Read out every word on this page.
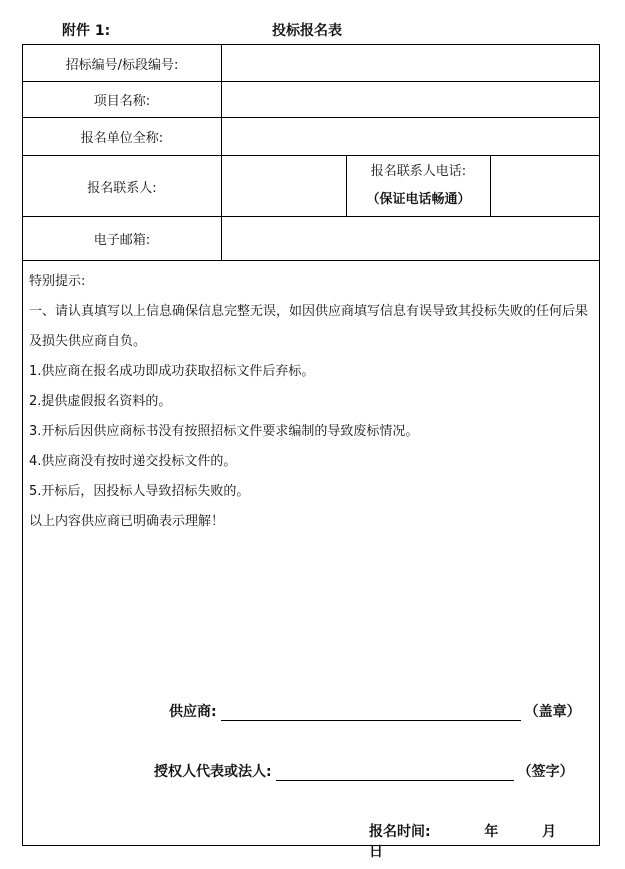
附件 1:	投标报名表
招标编号/标段编号:
项目名称:
报名单位全称:
报名联系人:
报名联系人电话:
（保证电话畅通）
电子邮箱:

特别提示:

一、请认真填写以上信息确保信息完整无误，如因供应商填写信息有误导致其投标失败的任何后果及损失供应商自负。

1.供应商在报名成功即成功获取招标文件后弃标。

2.提供虚假报名资料的。

3.开标后因供应商标书没有按照招标文件要求编制的导致废标情况。

4.供应商没有按时递交投标文件的。

5.开标后，因投标人导致招标失败的。

以上内容供应商已明确表示理解！

供应商:	（盖章）
授权人代表或法人:	（签字）
报名时间:	年	月  日
